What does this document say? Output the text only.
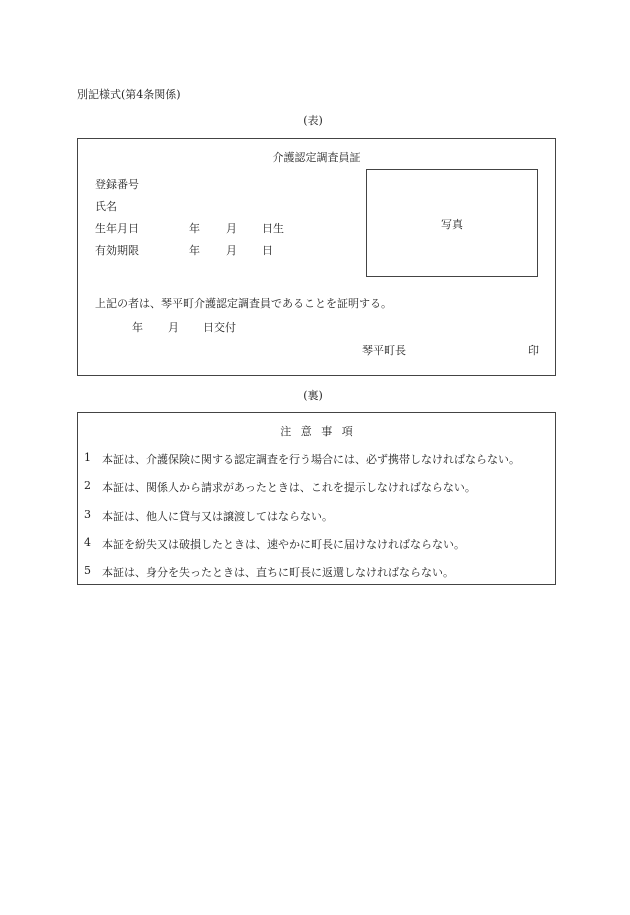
別記様式(第4条関係)
(表)
介護認定調査員証
登録番号
氏名
生年月日	年 月 日生
有効期限	年 月 日
写真
上記の者は、琴平町介護認定調査員であることを証明する。
年 月 日交付
琴平町長	印
(裏)
注 意 事 項
1 本証は、介護保険に関する認定調査を行う場合には、必ず携帯しなければならない。
2 本証は、関係人から請求があったときは、これを提示しなければならない。
3 本証は、他人に貸与又は譲渡してはならない。
4 本証を紛失又は破損したときは、速やかに町長に届けなければならない。
5 本証は、身分を失ったときは、直ちに町長に返還しなければならない。
